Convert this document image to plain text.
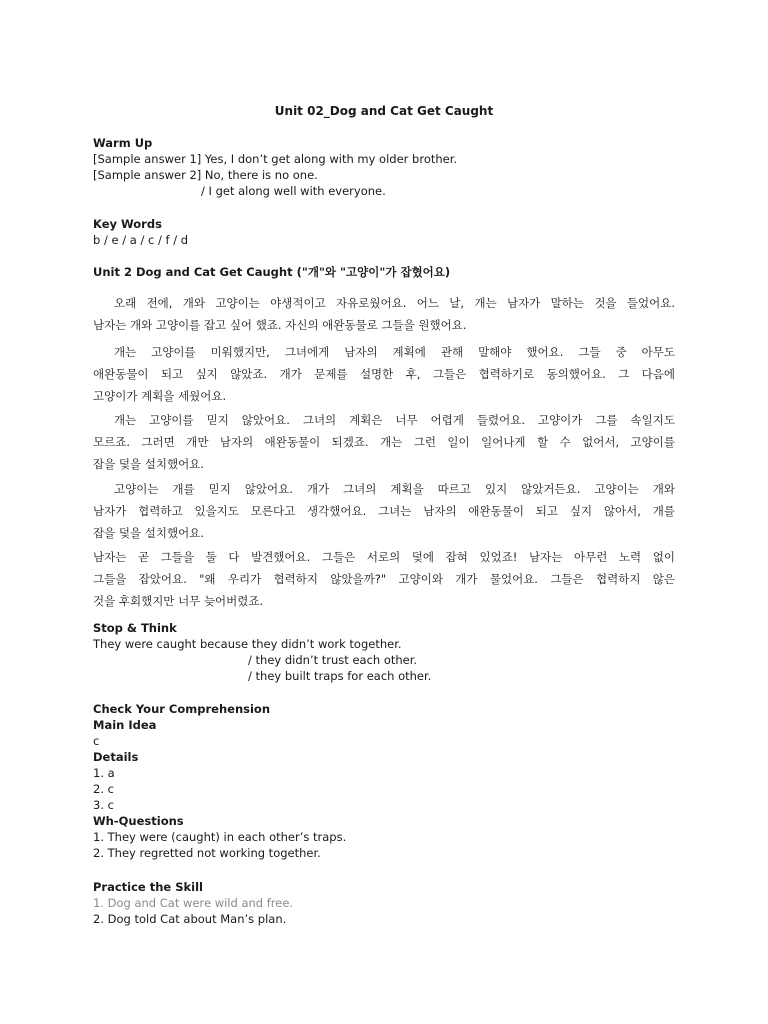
Unit 02_Dog and Cat Get Caught
Warm Up
[Sample answer 1] Yes, I don’t get along with my older brother.
[Sample answer 2] No, there is no one.
/ I get along well with everyone.
Key Words
b / e / a / c / f / d
Unit 2 Dog and Cat Get Caught ("개"와 "고양이"가 잡혔어요)
오래 전에, 개와 고양이는 야생적이고 자유로웠어요. 어느 날, 개는 남자가 말하는 것을 들었어요.
남자는 개와 고양이를 잡고 싶어 했죠. 자신의 애완동물로 그들을 원했어요.
개는 고양이를 미워했지만, 그녀에게 남자의 계획에 관해 말해야 했어요. 그들 중 아무도
애완동물이 되고 싶지 않았죠. 개가 문제를 설명한 후, 그들은 협력하기로 동의했어요. 그 다음에
고양이가 계획을 세웠어요.
개는 고양이를 믿지 않았어요. 그녀의 계획은 너무 어렵게 들렸어요. 고양이가 그를 속일지도
모르죠. 그러면 개만 남자의 애완동물이 되겠죠. 개는 그런 일이 일어나게 할 수 없어서, 고양이를
잡을 덫을 설치했어요.
고양이는 개를 믿지 않았어요. 개가 그녀의 계획을 따르고 있지 않았거든요. 고양이는 개와
남자가 협력하고 있을지도 모른다고 생각했어요. 그녀는 남자의 애완동물이 되고 싶지 않아서, 개를
잡을 덫을 설치했어요.
남자는 곧 그들을 둘 다 발견했어요. 그들은 서로의 덫에 잡혀 있었죠! 남자는 아무런 노력 없이
그들을 잡았어요. "왜 우리가 협력하지 않았을까?" 고양이와 개가 물었어요. 그들은 협력하지 않은
것을 후회했지만 너무 늦어버렸죠.
Stop & Think
They were caught because they didn’t work together.
/ they didn’t trust each other.
/ they built traps for each other.
Check Your Comprehension
Main Idea
c
Details
1. a
2. c
3. c
Wh-Questions
1. They were (caught) in each other’s traps.
2. They regretted not working together.
Practice the Skill
1. Dog and Cat were wild and free.
2. Dog told Cat about Man’s plan.
